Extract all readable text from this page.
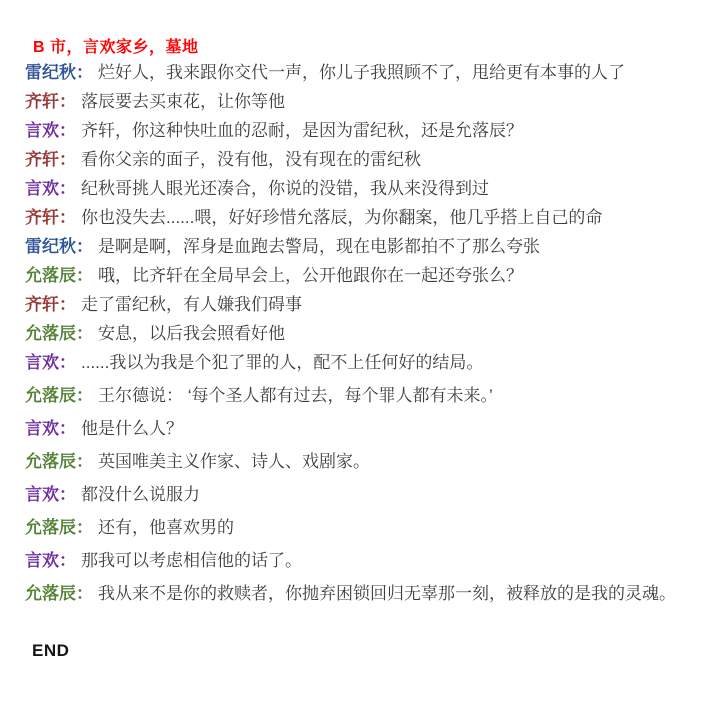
B 市，言欢家乡，墓地

雷纪秋： 烂好人，我来跟你交代一声，你儿子我照顾不了，甩给更有本事的人了

齐轩： 落辰要去买束花，让你等他

言欢： 齐轩，你这种快吐血的忍耐，是因为雷纪秋，还是允落辰？

齐轩： 看你父亲的面子，没有他，没有现在的雷纪秋

言欢： 纪秋哥挑人眼光还凑合，你说的没错，我从来没得到过

齐轩： 你也没失去......喂，好好珍惜允落辰，为你翻案，他几乎搭上自己的命

雷纪秋： 是啊是啊，浑身是血跑去警局，现在电影都拍不了那么夸张

允落辰： 哦，比齐轩在全局早会上，公开他跟你在一起还夸张么？

齐轩： 走了雷纪秋，有人嫌我们碍事

允落辰： 安息，以后我会照看好他

言欢： ......我以为我是个犯了罪的人，配不上任何好的结局。

允落辰： 王尔德说： ‘每个圣人都有过去，每个罪人都有未来。’

言欢： 他是什么人？

允落辰： 英国唯美主义作家、诗人、戏剧家。

言欢： 都没什么说服力

允落辰： 还有，他喜欢男的

言欢： 那我可以考虑相信他的话了。

允落辰： 我从来不是你的救赎者，你抛弃困锁回归无辜那一刻，被释放的是我的灵魂。

END
